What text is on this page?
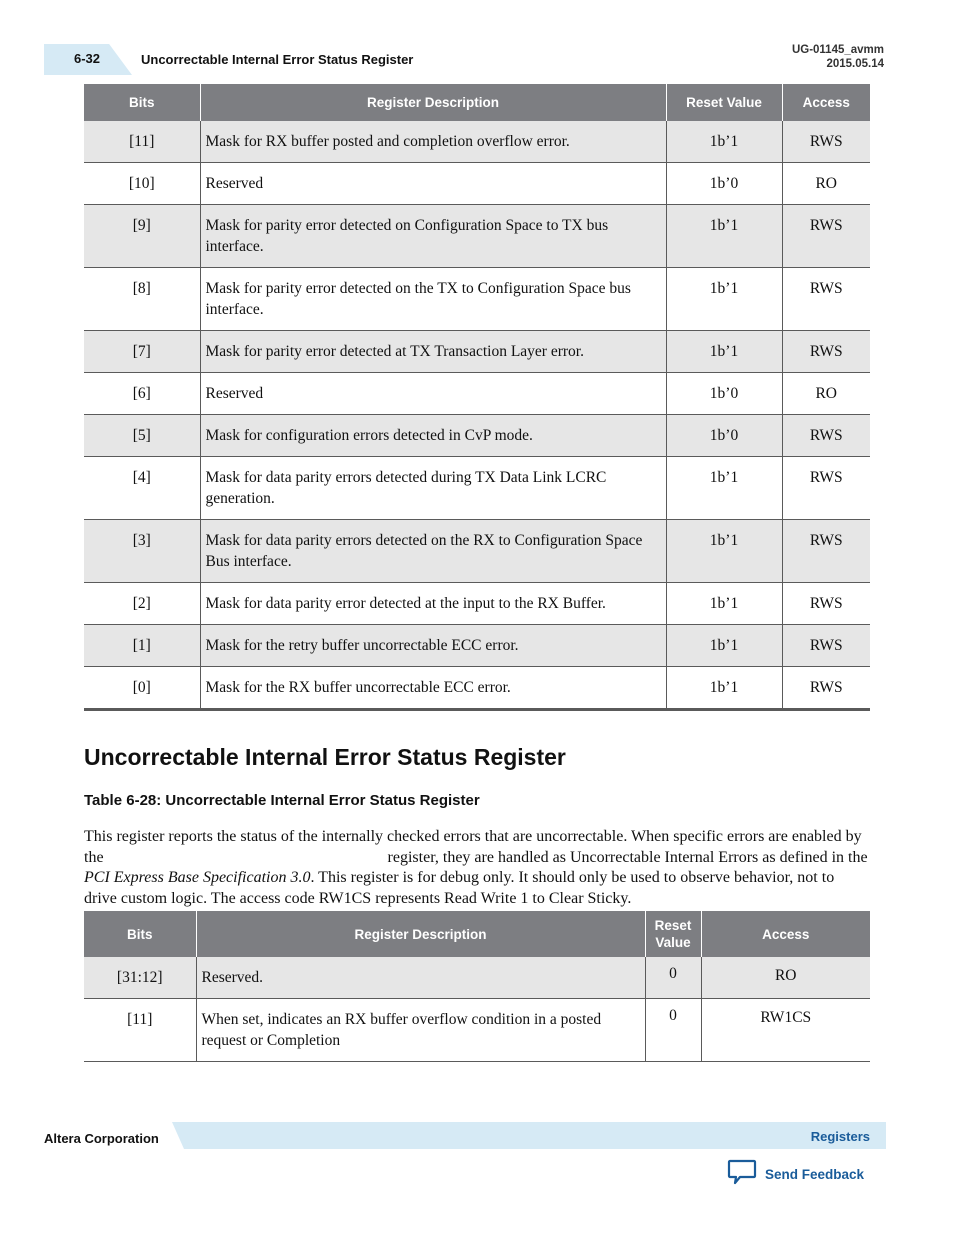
6-32	Uncorrectable Internal Error Status Register
UG-01145_avmm
2015.05.14
Bits	Register Description	Reset Value	Access

[11]	Mask for RX buffer posted and completion overflow error.	1b’1	RWS

[10]	Reserved	1b’0	RO

[9]	Mask for parity error detected on Configuration Space to TX bus interface.	1b’1	RWS

[8]	Mask for parity error detected on the TX to Configuration Space bus interface.	1b’1	RWS

[7]	Mask for parity error detected at TX Transaction Layer error.	1b’1	RWS

[6]	Reserved	1b’0	RO

[5]	Mask for configuration errors detected in CvP mode.	1b’0	RWS

[4]	Mask for data parity errors detected during TX Data Link LCRC generation.	1b’1	RWS

[3]	Mask for data parity errors detected on the RX to Configuration Space Bus interface.	1b’1	RWS

[2]	Mask for data parity error detected at the input to the RX Buffer.	1b’1	RWS

[1]	Mask for the retry buffer uncorrectable ECC error.	1b’1	RWS

[0]	Mask for the RX buffer uncorrectable ECC error.	1b’1	RWS
Uncorrectable Internal Error Status Register
Table 6-28: Uncorrectable Internal Error Status Register
This register reports the status of the internally checked errors that are uncorrectable. When specific errors are enabled by the	register, they are handled as Uncorrectable Internal Errors as defined in the PCI Express Base Specification 3.0. This register is for debug only. It should only be used to observe behavior, not to drive custom logic. The access code RW1CS represents Read Write 1 to Clear Sticky.
Bits	Register Description	Reset
Value	Access

[31:12]	Reserved.	0	RO

[11]	When set, indicates an RX buffer overflow condition in a posted request or Completion	0	RW1CS
Altera Corporation	Registers
Send Feedback
